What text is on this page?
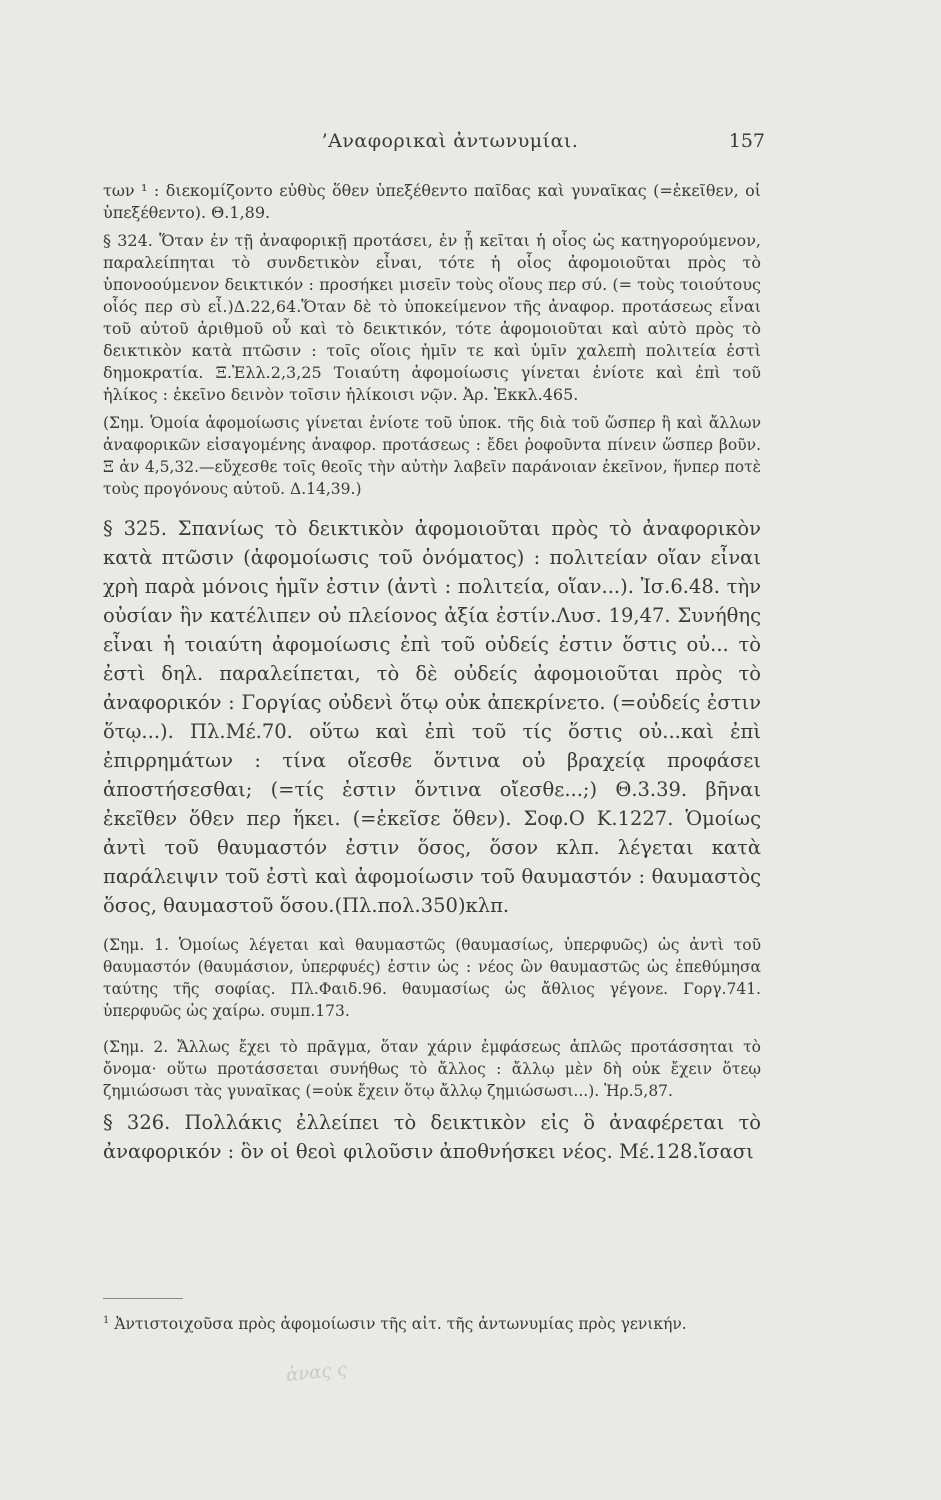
’Αναφορικαὶ ἀντωνυμίαι.	157

των ¹ : διεκομίζοντο εὐθὺς ὅθεν ὑπεξέθεντο παῖδας καὶ γυναῖκας (=ἐκεῖθεν, οἱ ὑπεξέθεντο). Θ.1,89.

§ 324. Ὅταν ἐν τῇ ἀναφορικῇ προτάσει, ἐν ᾗ κεῖται ἡ οἷος ὡς κατηγορούμενον, παραλείπηται τὸ συνδετικὸν εἶναι, τότε ἡ οἷος ἀφομοιοῦται πρὸς τὸ ὑπονοούμενον δεικτικόν : προσήκει μισεῖν τοὺς οἵους περ σύ. (= τοὺς τοιούτους οἷός περ σὺ εἶ.)Δ.22,64.Ὅταν δὲ τὸ ὑποκείμενον τῆς ἀναφορ. προτάσεως εἶναι τοῦ αὐτοῦ ἀριθμοῦ οὗ καὶ τὸ δεικτικόν, τότε ἀφομοιοῦται καὶ αὐτὸ πρὸς τὸ δεικτικὸν κατὰ πτῶσιν : τοῖς οἵοις ἡμῖν τε καὶ ὑμῖν χαλεπὴ πολιτεία ἐστὶ δημοκρατία. Ξ.Ἑλλ.2,3,25 Τοιαύτη ἀφομοίωσις γίνεται ἐνίοτε καὶ ἐπὶ τοῦ ἡλίκος : ἐκεῖνο δεινὸν τοῖσιν ἡλίκοισι νῷν. Ἀρ. Ἐκκλ.465.

(Σημ. Ὁμοία ἀφομοίωσις γίνεται ἐνίοτε τοῦ ὑποκ. τῆς διὰ τοῦ ὥσπερ ἢ καὶ ἄλλων ἀναφορικῶν εἰσαγομένης ἀναφορ. προτάσεως : ἔδει ῥοφοῦντα πίνειν ὥσπερ βοῦν. Ξ ἀν 4,5,32.—εὔχεσθε τοῖς θεοῖς τὴν αὐτὴν λαβεῖν παράνοιαν ἐκεῖνον, ἥνπερ ποτὲ τοὺς προγόνους αὐτοῦ. Δ.14,39.)

§ 325. Σπανίως τὸ δεικτικὸν ἀφομοιοῦται πρὸς τὸ ἀναφορικὸν κατὰ πτῶσιν (ἀφομοίωσις τοῦ ὀνόματος) : πολιτείαν οἵαν εἶναι χρὴ παρὰ μόνοις ἡμῖν ἐστιν (ἀντὶ : πολιτεία, οἵαν...). Ἰσ.6.48. τὴν οὐσίαν ἣν κατέλιπεν οὐ πλείονος ἀξία ἐστίν.Λυσ. 19,47. Συνήθης εἶναι ἡ τοιαύτη ἀφομοίωσις ἐπὶ τοῦ οὐδείς ἐστιν ὅστις οὐ... τὸ ἐστὶ δηλ. παραλείπεται, τὸ δὲ οὐδείς ἀφομοιοῦται πρὸς τὸ ἀναφορικόν : Γοργίας οὐδενὶ ὅτῳ οὐκ ἀπεκρίνετο. (=οὐδείς ἐστιν ὅτῳ...). Πλ.Μέ.70. οὕτω καὶ ἐπὶ τοῦ τίς ὅστις οὐ...καὶ ἐπὶ ἐπιρρημάτων : τίνα οἴεσθε ὅντινα οὐ βραχείᾳ προφάσει ἀποστήσεσθαι; (=τίς ἐστιν ὅντινα οἴεσθε...;) Θ.3.39. βῆναι ἐκεῖθεν ὅθεν περ ἥκει. (=ἐκεῖσε ὅθεν). Σοφ.Ο Κ.1227. Ὁμοίως ἀντὶ τοῦ θαυμαστόν ἐστιν ὅσος, ὅσον κλπ. λέγεται κατὰ παράλειψιν τοῦ ἐστὶ καὶ ἀφομοίωσιν τοῦ θαυμαστόν : θαυμαστὸς ὅσος, θαυμαστοῦ ὅσου.(Πλ.πολ.350)κλπ.

(Σημ. 1. Ὁμοίως λέγεται καὶ θαυμαστῶς (θαυμασίως, ὑπερφυῶς) ὡς ἀντὶ τοῦ θαυμαστόν (θαυμάσιον, ὑπερφυές) ἐστιν ὡς : νέος ὢν θαυμαστῶς ὡς ἐπεθύμησα ταύτης τῆς σοφίας. Πλ.Φαιδ.96. θαυμασίως ὡς ἄθλιος γέγονε. Γοργ.741. ὑπερφυῶς ὡς χαίρω. συμπ.173.

(Σημ. 2. Ἄλλως ἔχει τὸ πρᾶγμα, ὅταν χάριν ἐμφάσεως ἁπλῶς προτάσσηται τὸ ὄνομα· οὕτω προτάσσεται συνήθως τὸ ἄλλος : ἄλλῳ μὲν δὴ οὐκ ἔχειν ὅτεῳ ζημιώσωσι τὰς γυναῖκας (=οὐκ ἔχειν ὅτῳ ἄλλῳ ζημιώσωσι...). Ἡρ.5,87.

§ 326. Πολλάκις ἐλλείπει τὸ δεικτικὸν εἰς ὃ ἀναφέρεται τὸ ἀναφορικόν : ὃν οἱ θεοὶ φιλοῦσιν ἀποθνήσκει νέος. Μέ.128.ἴσασι

$^1$ Ἀντιστοιχοῦσα πρὸς ἀφομοίωσιν τῆς αἰτ. τῆς ἀντωνυμίας πρὸς γενικήν.
ἀνας ς
